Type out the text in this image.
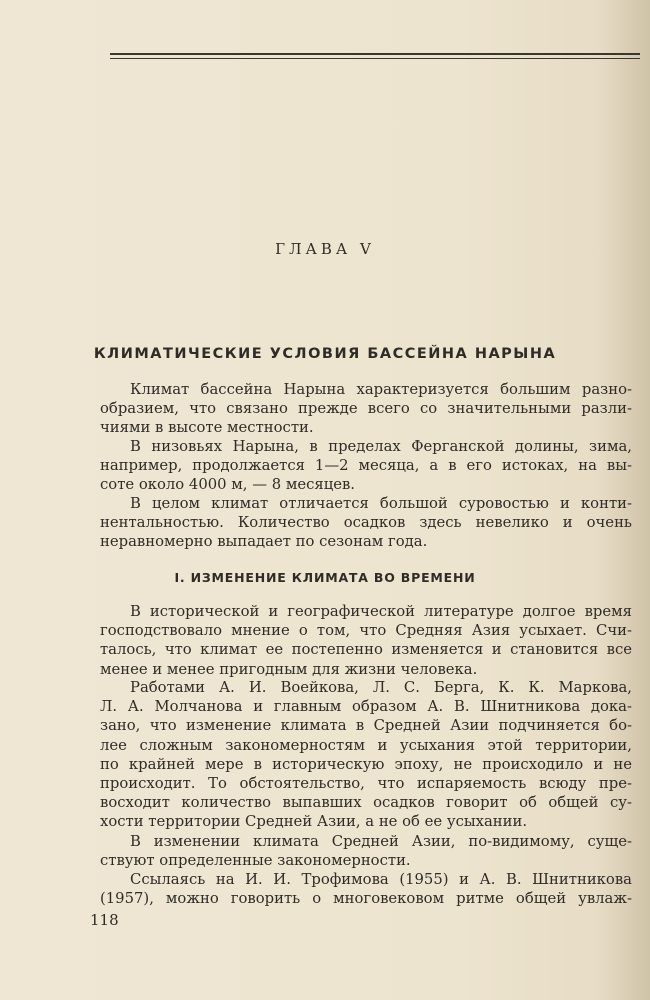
ГЛАВА V
КЛИМАТИЧЕСКИЕ УСЛОВИЯ БАССЕЙНА НАРЫНА
Климат бассейна Нарына характеризуется большим разно-
образием, что связано прежде всего со значительными разли-
чиями в высоте местности.
В низовьях Нарына, в пределах Ферганской долины, зима,
например, продолжается 1—2 месяца, а в его истоках, на вы-
соте около 4000 м, — 8 месяцев.
В целом климат отличается большой суровостью и конти-
нентальностью. Количество осадков здесь невелико и очень
неравномерно выпадает по сезонам года.
I. ИЗМЕНЕНИЕ КЛИМАТА ВО ВРЕМЕНИ
В исторической и географической литературе долгое время
господствовало мнение о том, что Средняя Азия усыхает. Счи-
талось, что климат ее постепенно изменяется и становится все
менее и менее пригодным для жизни человека.
Работами А. И. Воейкова, Л. С. Берга, К. К. Маркова,
Л. А. Молчанова и главным образом А. В. Шнитникова дока-
зано, что изменение климата в Средней Азии подчиняется бо-
лее сложным закономерностям и усыхания этой территории,
по крайней мере в историческую эпоху, не происходило и не
происходит. То обстоятельство, что испаряемость всюду пре-
восходит количество выпавших осадков говорит об общей су-
хости территории Средней Азии, а не об ее усыхании.
В изменении климата Средней Азии, по-видимому, суще-
ствуют определенные закономерности.
Ссылаясь на И. И. Трофимова (1955) и А. В. Шнитникова
(1957), можно говорить о многовековом ритме общей увлаж-
118
